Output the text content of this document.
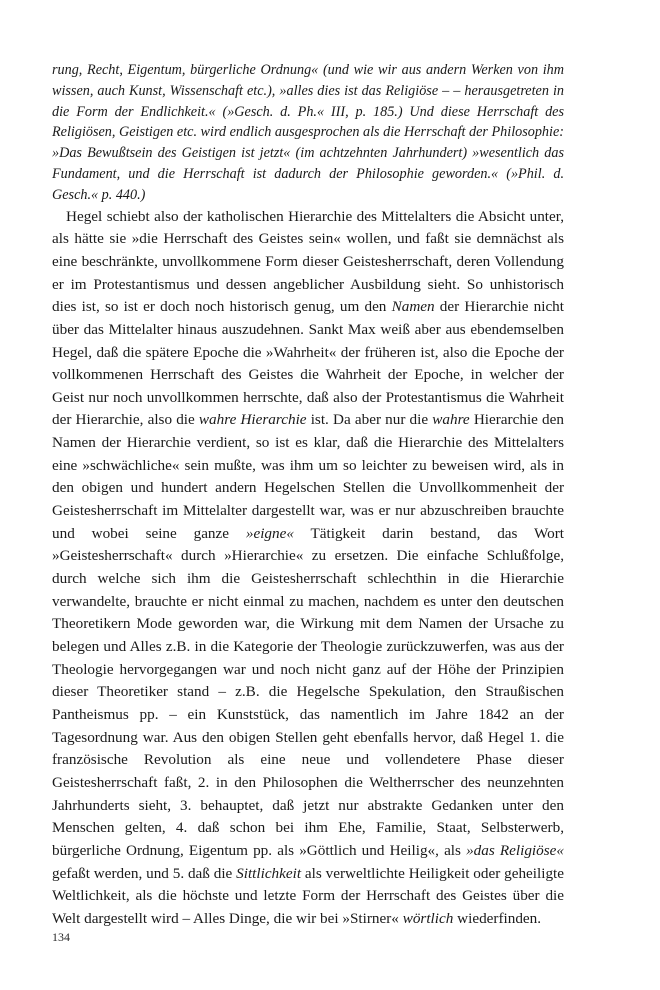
rung, Recht, Eigentum, bürgerliche Ordnung« (und wie wir aus andern Werken von ihm wissen, auch Kunst, Wissenschaft etc.), »alles dies ist das Religiöse – – herausgetreten in die Form der Endlichkeit.« (»Gesch. d. Ph.« III, p. 185.) Und diese Herrschaft des Religiösen, Geistigen etc. wird endlich ausgesprochen als die Herrschaft der Philosophie: »Das Bewußtsein des Geistigen ist jetzt« (im achtzehnten Jahrhundert) »wesentlich das Fundament, und die Herrschaft ist dadurch der Philosophie geworden.« (»Phil. d. Gesch.« p. 440.)

Hegel schiebt also der katholischen Hierarchie des Mittelalters die Absicht unter, als hätte sie »die Herrschaft des Geistes sein« wollen, und faßt sie demnächst als eine beschränkte, unvollkommene Form dieser Geistesherrschaft, deren Vollendung er im Protestantismus und dessen angeblicher Ausbildung sieht. So unhistorisch dies ist, so ist er doch noch historisch genug, um den Namen der Hierarchie nicht über das Mittelalter hinaus auszudehnen. Sankt Max weiß aber aus ebendemselben Hegel, daß die spätere Epoche die »Wahrheit« der früheren ist, also die Epoche der vollkommenen Herrschaft des Geistes die Wahrheit der Epoche, in welcher der Geist nur noch unvollkommen herrschte, daß also der Protestantismus die Wahrheit der Hierarchie, also die wahre Hierarchie ist. Da aber nur die wahre Hierarchie den Namen der Hierarchie verdient, so ist es klar, daß die Hierarchie des Mittelalters eine »schwächliche« sein mußte, was ihm um so leichter zu beweisen wird, als in den obigen und hundert andern Hegelschen Stellen die Unvollkommenheit der Geistesherrschaft im Mittelalter dargestellt war, was er nur abzuschreiben brauchte und wobei seine ganze »eigne« Tätigkeit darin bestand, das Wort »Geistesherrschaft« durch »Hierarchie« zu ersetzen. Die einfache Schlußfolge, durch welche sich ihm die Geistesherrschaft schlechthin in die Hierarchie verwandelte, brauchte er nicht einmal zu machen, nachdem es unter den deutschen Theoretikern Mode geworden war, die Wirkung mit dem Namen der Ursache zu belegen und Alles z.B. in die Kategorie der Theologie zurückzuwerfen, was aus der Theologie hervorgegangen war und noch nicht ganz auf der Höhe der Prinzipien dieser Theoretiker stand – z.B. die Hegelsche Spekulation, den Straußischen Pantheismus pp. – ein Kunststück, das namentlich im Jahre 1842 an der Tagesordnung war. Aus den obigen Stellen geht ebenfalls hervor, daß Hegel 1. die französische Revolution als eine neue und vollendetere Phase dieser Geistesherrschaft faßt, 2. in den Philosophen die Weltherrscher des neunzehnten Jahrhunderts sieht, 3. behauptet, daß jetzt nur abstrakte Gedanken unter den Menschen gelten, 4. daß schon bei ihm Ehe, Familie, Staat, Selbsterwerb, bürgerliche Ordnung, Eigentum pp. als »Göttlich und Heilig«, als »das Religiöse« gefaßt werden, und 5. daß die Sittlichkeit als verweltlichte Heiligkeit oder geheiligte Weltlichkeit, als die höchste und letzte Form der Herrschaft des Geistes über die Welt dargestellt wird – Alles Dinge, die wir bei »Stirner« wörtlich wiederfinden.

134
